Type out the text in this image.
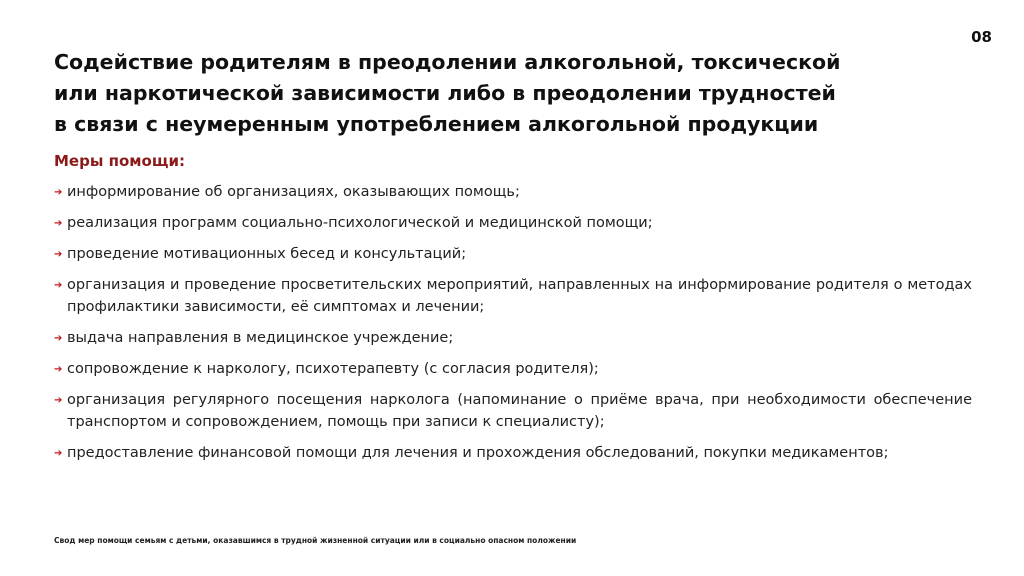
08
Содействие родителям в преодолении алкогольной, токсической
или наркотической зависимости либо в преодолении трудностей
в связи с неумеренным употреблением алкогольной продукции
Меры помощи:
➔ информирование об организациях, оказывающих помощь;
➔ реализация программ социально-психологической и медицинской помощи;
➔ проведение мотивационных бесед и консультаций;
➔ организация и проведение просветительских мероприятий, направленных на информирование родителя о методах профилактики зависимости, её симптомах и лечении;
➔ выдача направления в медицинское учреждение;
➔ сопровождение к наркологу, психотерапевту (с согласия родителя);
➔ организация регулярного посещения нарколога (напоминание о приёме врача, при необходимости обеспечение транспортом и сопровождением, помощь при записи к специалисту);
➔ предоставление финансовой помощи для лечения и прохождения обследований, покупки медикаментов;
Свод мер помощи семьям с детьми, оказавшимся в трудной жизненной ситуации или в социально опасном положении
